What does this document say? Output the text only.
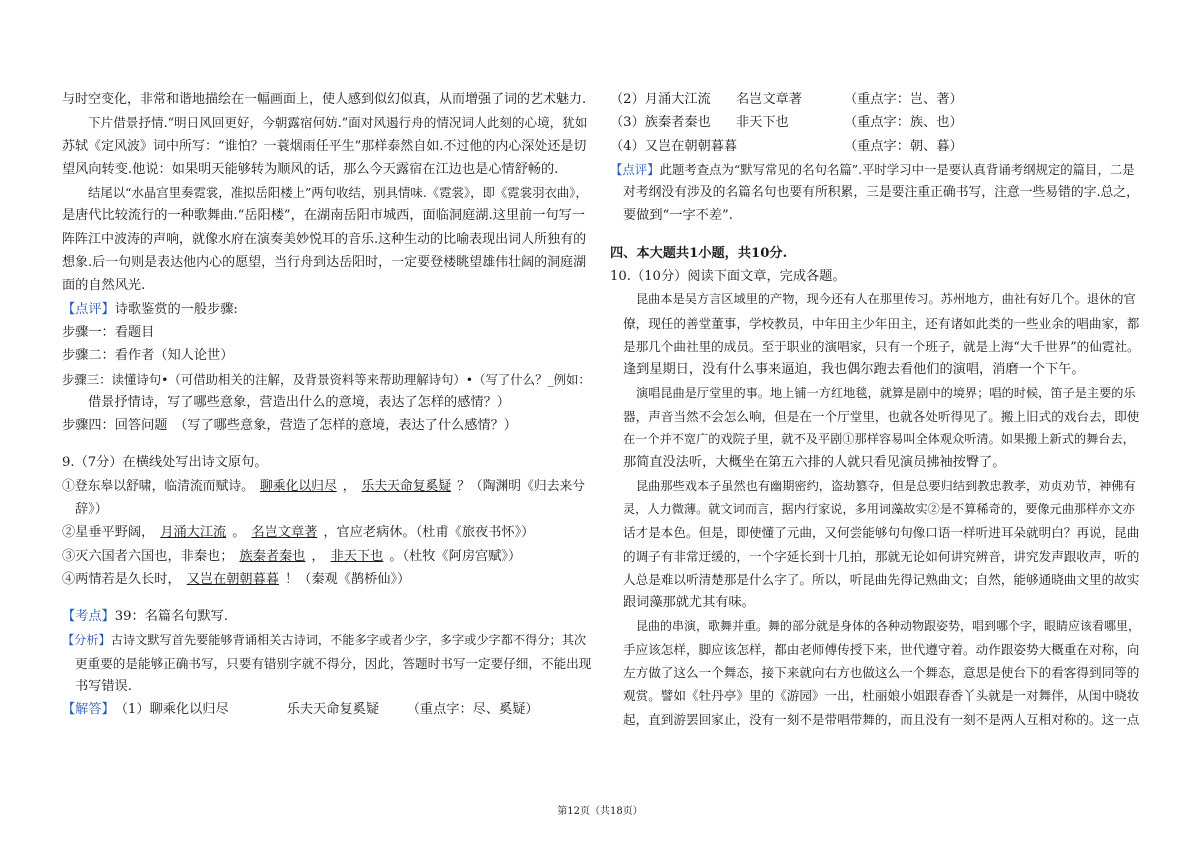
与时空变化，非常和谐地描绘在一幅画面上，使人感到似幻似真，从而增强了词的艺术魅力.
下片借景抒情.“明日风回更好，今朝露宿何妨.”面对风遏行舟的情况词人此刻的心境，犹如
苏轼《定风波》词中所写：“谁怕？一蓑烟雨任平生”那样泰然自如.不过他的内心深处还是切
望风向转变.他说：如果明天能够转为顺风的话，那么今天露宿在江边也是心情舒畅的.
结尾以“水晶宫里奏霓裳，准拟岳阳楼上”两句收结，别具情味.《霓裳》，即《霓裳羽衣曲》，
是唐代比较流行的一种歌舞曲.“岳阳楼”，在湖南岳阳市城西，面临洞庭湖.这里前一句写一
阵阵江中波涛的声响，就像水府在演奏美妙悦耳的音乐.这种生动的比喻表现出词人所独有的
想象.后一句则是表达他内心的愿望，当行舟到达岳阳时，一定要登楼眺望雄伟壮阔的洞庭湖
面的自然风光.
【点评】诗歌鉴赏的一般步骤:
步骤一：看题目
步骤二：看作者（知人论世）
步骤三：读懂诗句•（可借助相关的注解，及背景资料等来帮助理解诗句）•（写了什么？_例如：
借景抒情诗，写了哪些意象，营造出什么的意境，表达了怎样的感情？）
步骤四：回答问题　（写了哪些意象，营造了怎样的意境，表达了什么感情？）
9.（7分）在横线处写出诗文原句。
①登东皋以舒啸，临清流而赋诗。 聊乘化以归尽 ， 乐夫天命复奚疑 ？（陶渊明《归去来兮
辞》）
②星垂平野阔， 月涌大江流 。 名岂文章著 ，官应老病休。（杜甫《旅夜书怀》）
③灭六国者六国也，非秦也； 族秦者秦也 ， 非天下也 。（杜牧《阿房宫赋》）
④两情若是久长时， 又岂在朝朝暮暮 ！（秦观《鹊桥仙》）
【考点】39：名篇名句默写.
【分析】古诗文默写首先要能够背诵相关古诗词，不能多字或者少字，多字或少字都不得分；其次
更重要的是能够正确书写，只要有错别字就不得分，因此，答题时书写一定要仔细，不能出现
书写错误.
【解答】（1）聊乘化以归尽	乐夫天命复奚疑 （重点字：尽、奚疑）
（2）月涌大江流 名岂文章著	（重点字：岂、著）
（3）族秦者秦也 非天下也	（重点字：族、也）
（4）又岂在朝朝暮暮	（重点字：朝、暮）
【点评】此题考查点为“默写常见的名句名篇”.平时学习中一是要认真背诵考纲规定的篇目，二是
对考纲没有涉及的名篇名句也要有所积累，三是要注重正确书写，注意一些易错的字.总之，
要做到“一字不差”.
四、本大题共1小题，共10分.
10.（10分）阅读下面文章，完成各题。
昆曲本是吴方言区域里的产物，现今还有人在那里传习。苏州地方，曲社有好几个。退休的官
僚，现任的善堂董事，学校教员，中年田主少年田主，还有诸如此类的一些业余的唱曲家，都
是那几个曲社里的成员。至于职业的演唱家，只有一个班子，就是上海“大千世界”的仙霓社。
逢到星期日，没有什么事来逼迫，我也偶尔跑去看他们的演唱，消磨一个下午。
演唱昆曲是厅堂里的事。地上铺一方红地毯，就算是剧中的境界；唱的时候，笛子是主要的乐
器，声音当然不会怎么响，但是在一个厅堂里，也就各处听得见了。搬上旧式的戏台去，即使
在一个并不宽广的戏院子里，就不及平剧①那样容易叫全体观众听清。如果搬上新式的舞台去，
那简直没法听，大概坐在第五六排的人就只看见演员拂袖按臀了。
昆曲那些戏本子虽然也有幽期密约，盗劫篡夺，但是总要归结到教忠教孝，劝贞劝节，神佛有
灵，人力微薄。就文词而言，据内行家说，多用词藻故实②是不算稀奇的，要像元曲那样亦文亦
话才是本色。但是，即使懂了元曲，又何尝能够句句像口语一样听进耳朵就明白？再说，昆曲
的调子有非常迂缓的，一个字延长到十几拍，那就无论如何讲究辨音，讲究发声跟收声，听的
人总是难以听清楚那是什么字了。所以，听昆曲先得记熟曲文；自然，能够通晓曲文里的故实
跟词藻那就尤其有味。
昆曲的串演，歌舞并重。舞的部分就是身体的各种动物跟姿势，唱到哪个字，眼睛应该看哪里，
手应该怎样，脚应该怎样，都由老师傅传授下来，世代遵守着。动作跟姿势大概重在对称，向
左方做了这么一个舞态，接下来就向右方也做这么一个舞态，意思是使台下的看客得到同等的
观赏。譬如《牡丹亭》里的《游园》一出，杜丽娘小姐跟春香丫头就是一对舞伴，从闺中晓妆
起，直到游罢回家止，没有一刻不是带唱带舞的，而且没有一刻不是两人互相对称的。这一点
第12页（共18页）
